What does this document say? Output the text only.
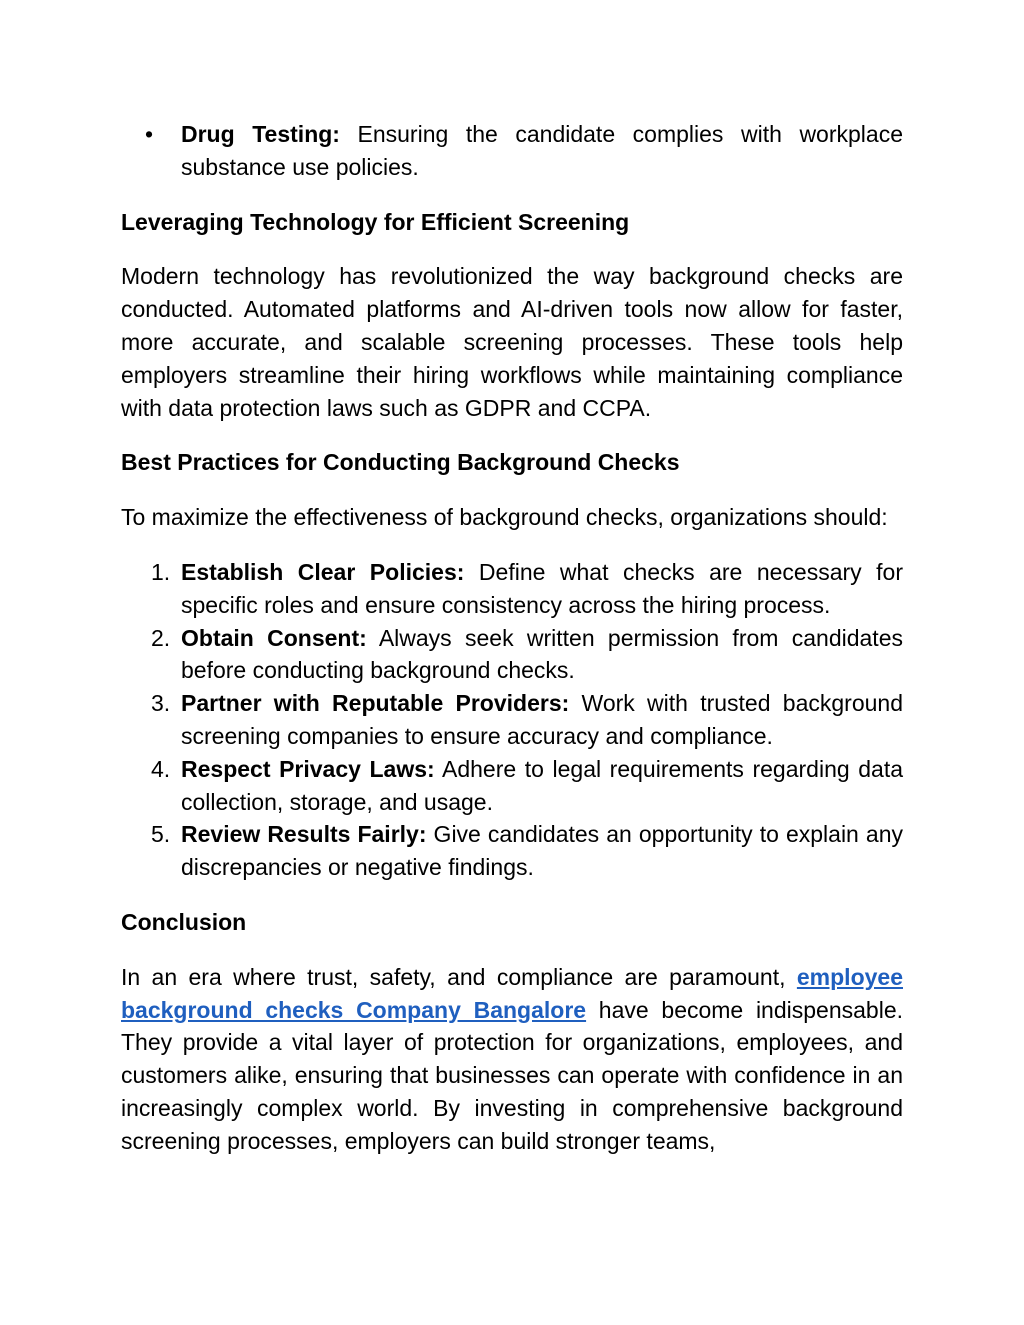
• Drug Testing: Ensuring the candidate complies with workplace substance use policies.
Leveraging Technology for Efficient Screening

Modern technology has revolutionized the way background checks are conducted. Automated platforms and AI-driven tools now allow for faster, more accurate, and scalable screening processes. These tools help employers streamline their hiring workflows while maintaining compliance with data protection laws such as GDPR and CCPA.

Best Practices for Conducting Background Checks

To maximize the effectiveness of background checks, organizations should:

1. Establish Clear Policies: Define what checks are necessary for specific roles and ensure consistency across the hiring process.
2. Obtain Consent: Always seek written permission from candidates before conducting background checks.
3. Partner with Reputable Providers: Work with trusted background screening companies to ensure accuracy and compliance.
4. Respect Privacy Laws: Adhere to legal requirements regarding data collection, storage, and usage.
5. Review Results Fairly: Give candidates an opportunity to explain any discrepancies or negative findings.
Conclusion

In an era where trust, safety, and compliance are paramount, employee background checks Company Bangalore have become indispensable. They provide a vital layer of protection for organizations, employees, and customers alike, ensuring that businesses can operate with confidence in an increasingly complex world. By investing in comprehensive background screening processes, employers can build stronger teams,
